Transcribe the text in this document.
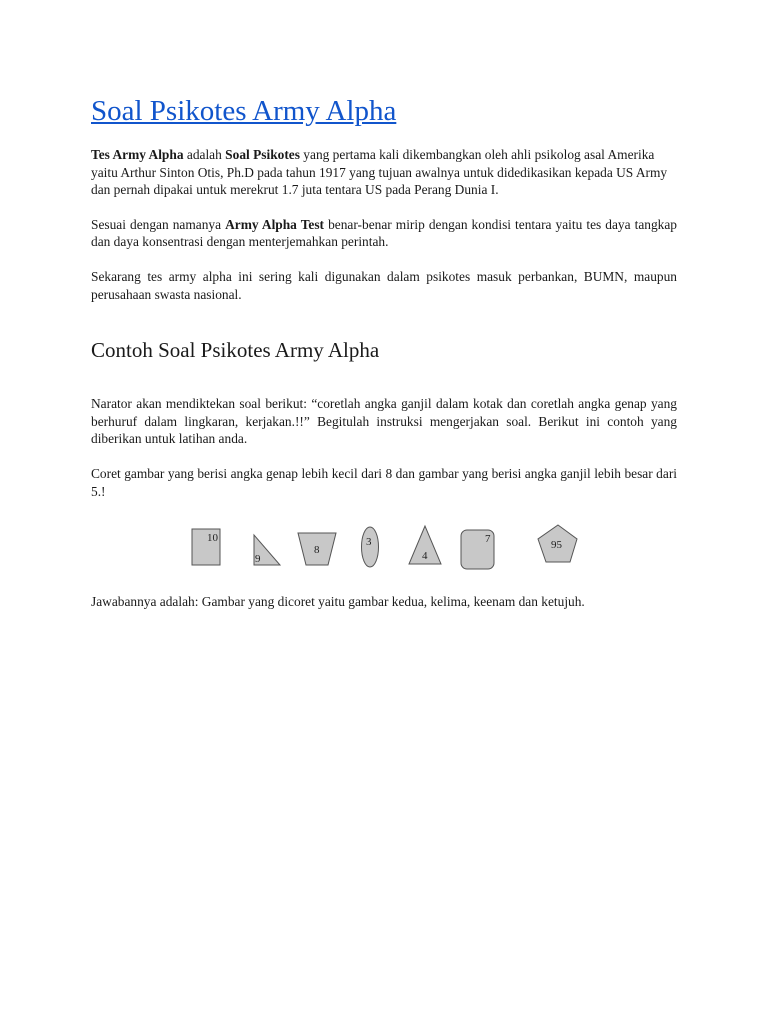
Soal Psikotes Army Alpha

Tes Army Alpha adalah Soal Psikotes yang pertama kali dikembangkan oleh ahli psikolog asal Amerika yaitu Arthur Sinton Otis, Ph.D pada tahun 1917 yang tujuan awalnya untuk didedikasikan kepada US Army dan pernah dipakai untuk merekrut 1.7 juta tentara US pada Perang Dunia I.

Sesuai dengan namanya Army Alpha Test benar-benar mirip dengan kondisi tentara yaitu tes daya tangkap dan daya konsentrasi dengan menterjemahkan perintah.

Sekarang tes army alpha ini sering kali digunakan dalam psikotes masuk perbankan, BUMN, maupun perusahaan swasta nasional.

Contoh Soal Psikotes Army Alpha

Narator akan mendiktekan soal berikut: “coretlah angka ganjil dalam kotak dan coretlah angka genap yang berhuruf dalam lingkaran, kerjakan.!!” Begitulah instruksi mengerjakan soal. Berikut ini contoh yang diberikan untuk latihan anda.

Coret gambar yang berisi angka genap lebih kecil dari 8 dan gambar yang berisi angka ganjil lebih besar dari 5.!

10
9
8
3
4
7	95

Jawabannya adalah: Gambar yang dicoret yaitu gambar kedua, kelima, keenam dan ketujuh.
